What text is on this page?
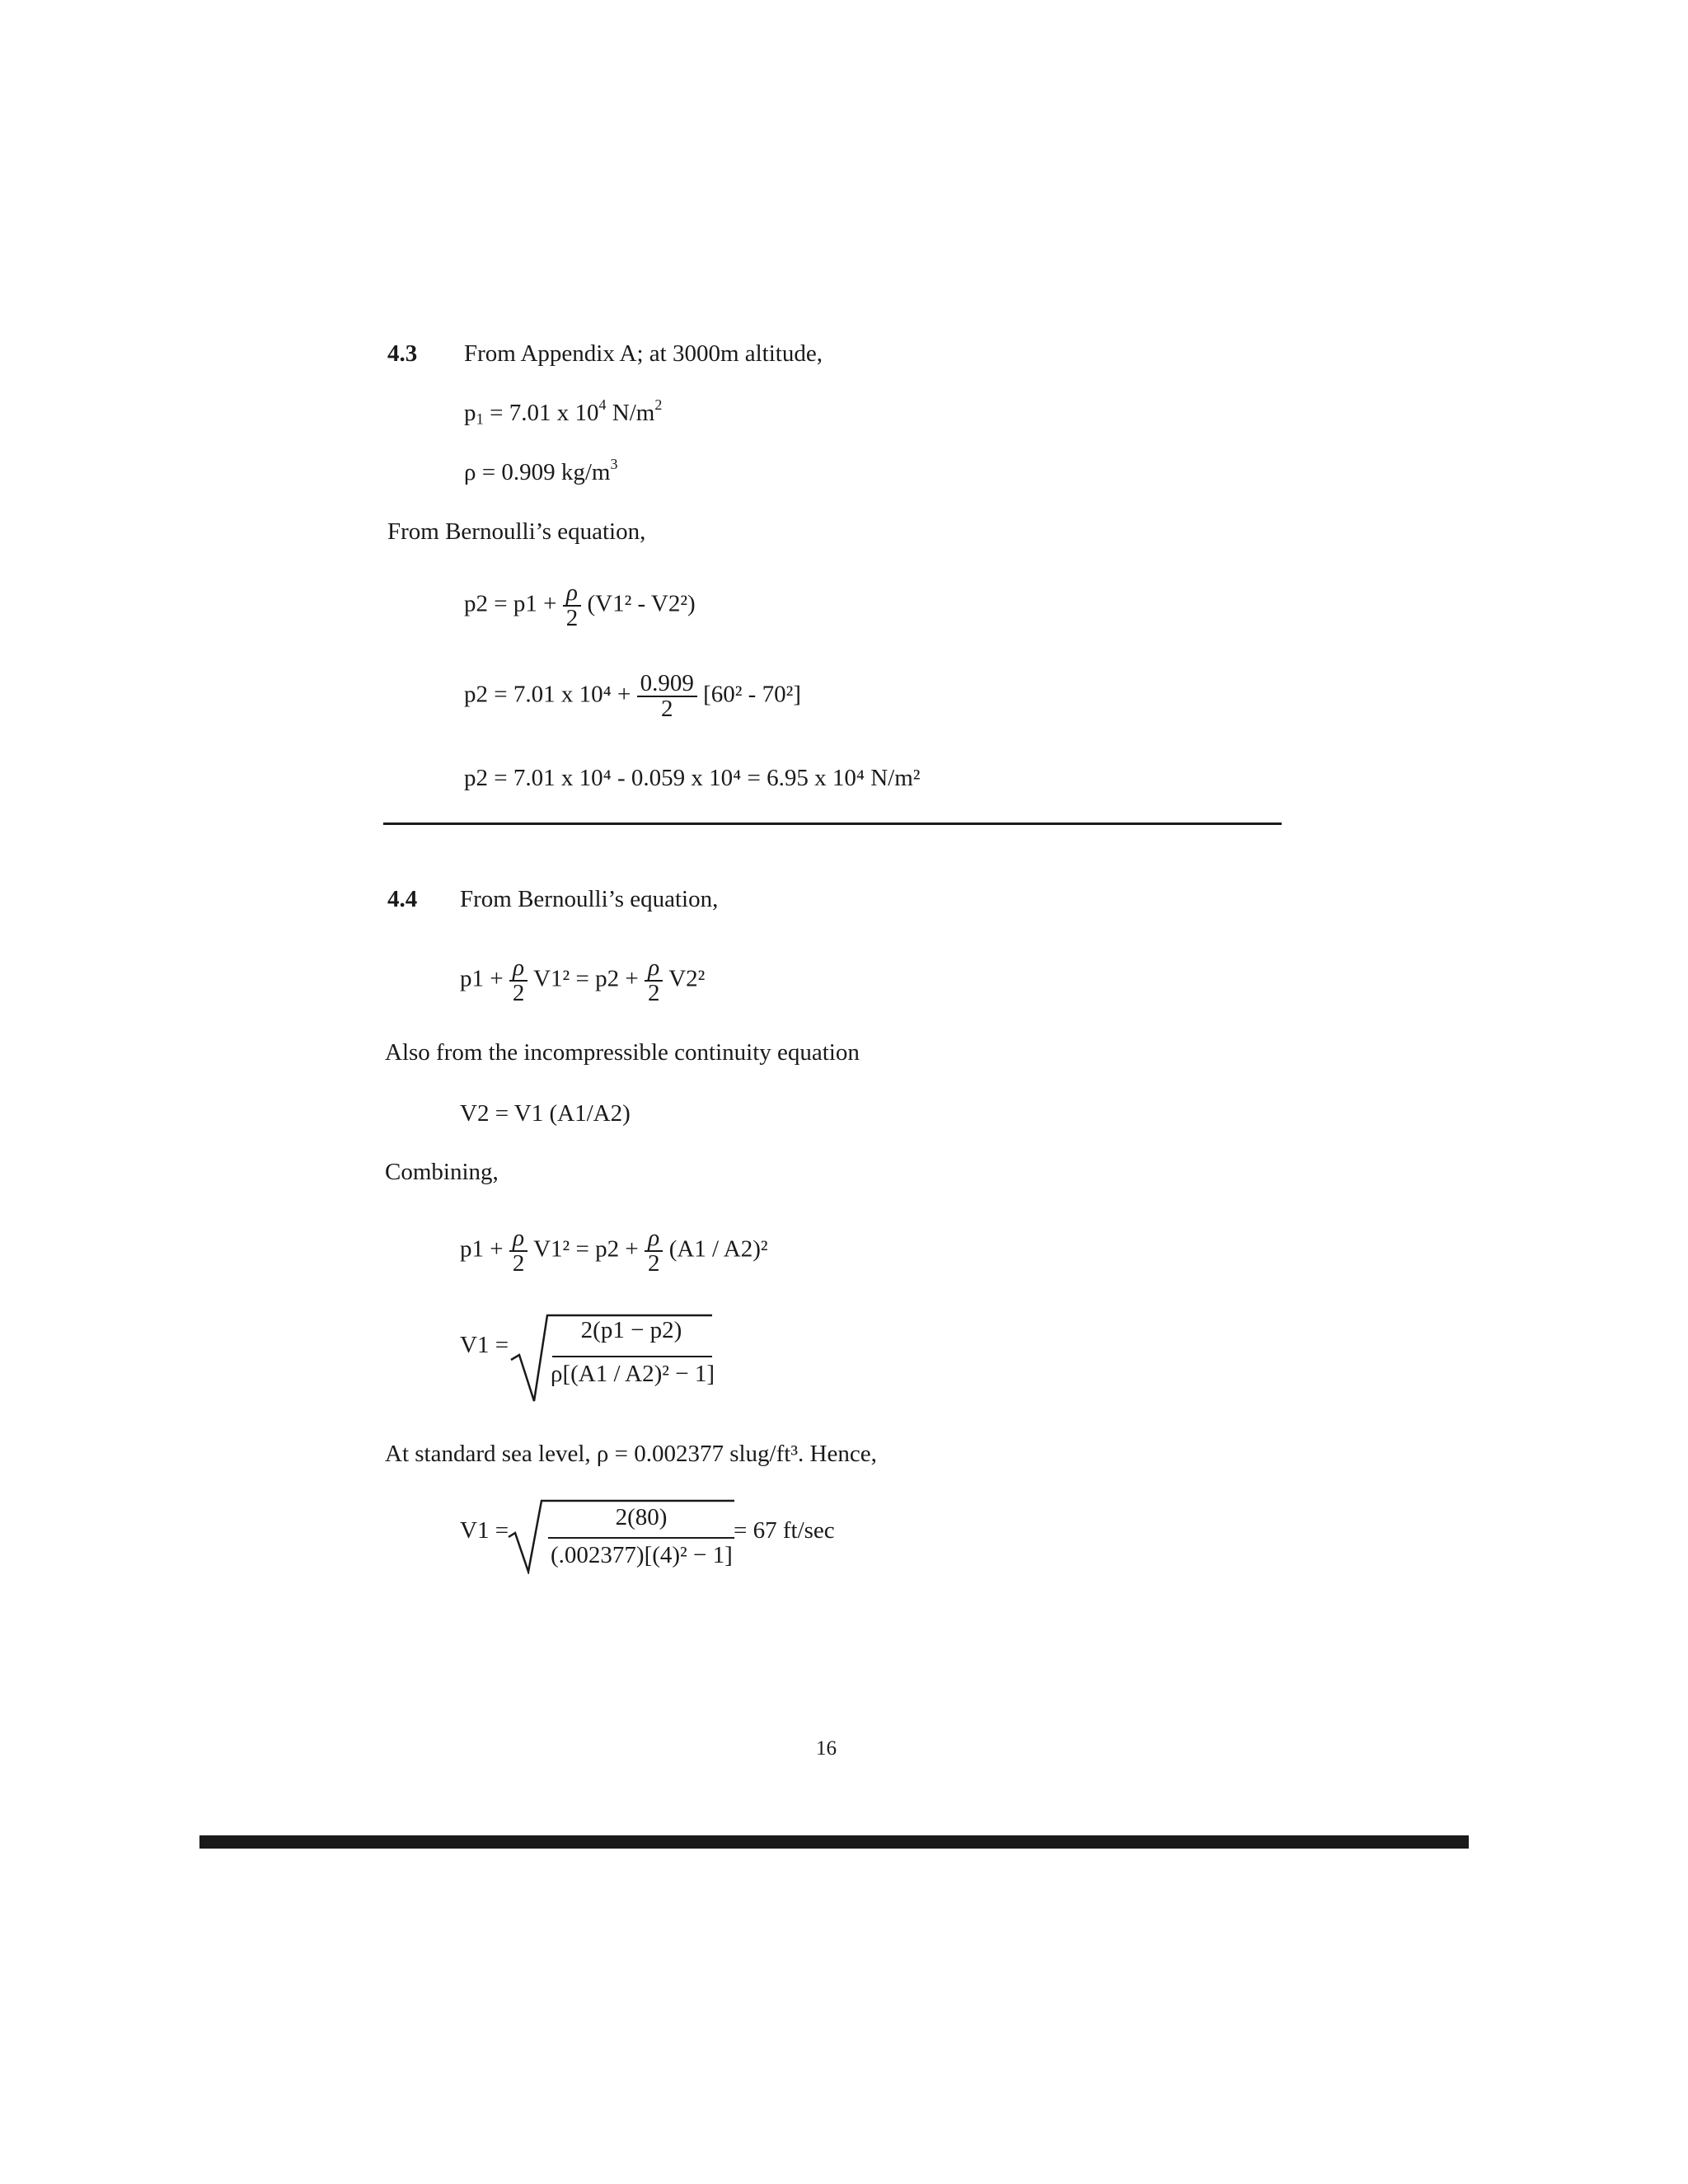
4.3 From Appendix A; at 3000m altitude,
$p_1 = 7.01$ x $10^4$ $N/m^2$
ρ = 0.909 $kg/m^3$
From Bernoulli’s equation,
$p2 = p1 + \frac{\rho}{2} (V1^2 - V2^2)$
p2 = 7.01 x $10^4 + \frac{0.909}{2} [60^2 - 70^2]$
p2 = 7.01 x 10⁴ - 0.059 x 10⁴ = 6.95 x 10⁴ N/m²
4.4 From Bernoulli’s equation,
$p1 + \frac{\rho}{2} V1^2 = p2 + \frac{\rho}{2} V2^2$
Also from the incompressible continuity equation
V2 = V1 (A1/A2)
Combining,
$p1 + \frac{\rho}{2} V1^2 = p2 + \frac{\rho}{2} (A1 / A2)^2$
V1 =
2(p1 − p2)
ρ[(A1 / A2)² − 1]
At standard sea level, ρ = 0.002377 slug/ft³. Hence,
V1 =	2(80)
(.002377)[(4)² − 1]
= 67 ft/sec
16
